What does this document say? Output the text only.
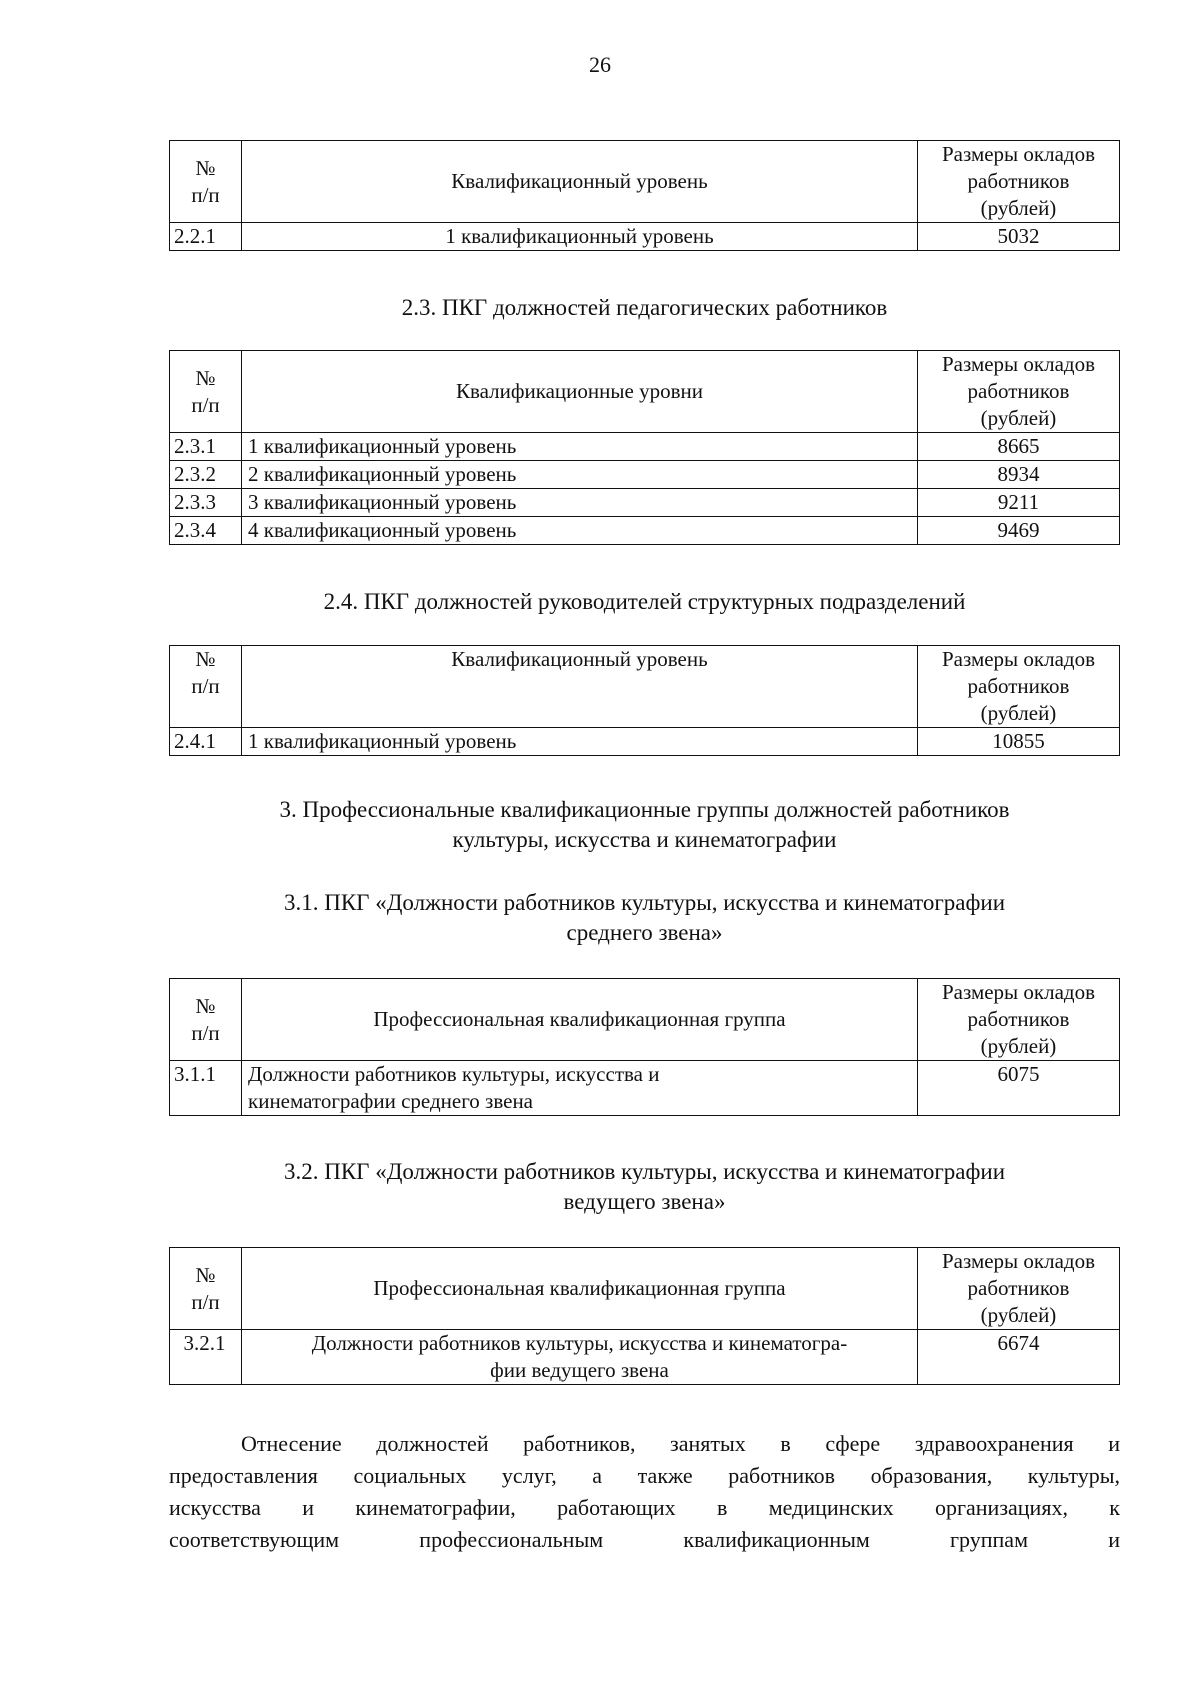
26
№
п/п	Квалификационный уровень	Размеры окладов
работников
(рублей)
2.2.1	1 квалификационный уровень	5032
2.3. ПКГ должностей педагогических работников
№
п/п	Квалификационные уровни	Размеры окладов
работников
(рублей)
2.3.1	1 квалификационный уровень	8665
2.3.2	2 квалификационный уровень	8934
2.3.3	3 квалификационный уровень	9211
2.3.4	4 квалификационный уровень	9469
2.4. ПКГ должностей руководителей структурных подразделений
№
п/п	Квалификационный уровень	Размеры окладов
работников
(рублей)
2.4.1	1 квалификационный уровень	10855
3. Профессиональные квалификационные группы должностей работников
культуры, искусства и кинематографии
3.1. ПКГ «Должности работников культуры, искусства и кинематографии
среднего звена»
№
п/п	Профессиональная квалификационная группа	Размеры окладов
работников
(рублей)
3.1.1	Должности работников культуры, искусства и
кинематографии среднего звена	6075
3.2. ПКГ «Должности работников культуры, искусства и кинематографии
ведущего звена»
№
п/п	Профессиональная квалификационная группа	Размеры окладов
работников
(рублей)
3.2.1	Должности работников культуры, искусства и кинематогра-
фии ведущего звена	6674
Отнесение должностей работников, занятых в сфере здравоохранения и
предоставления социальных услуг, а также работников образования, культуры,
искусства и кинематографии, работающих в медицинских организациях, к
соответствующим профессиональным квалификационным группам и
